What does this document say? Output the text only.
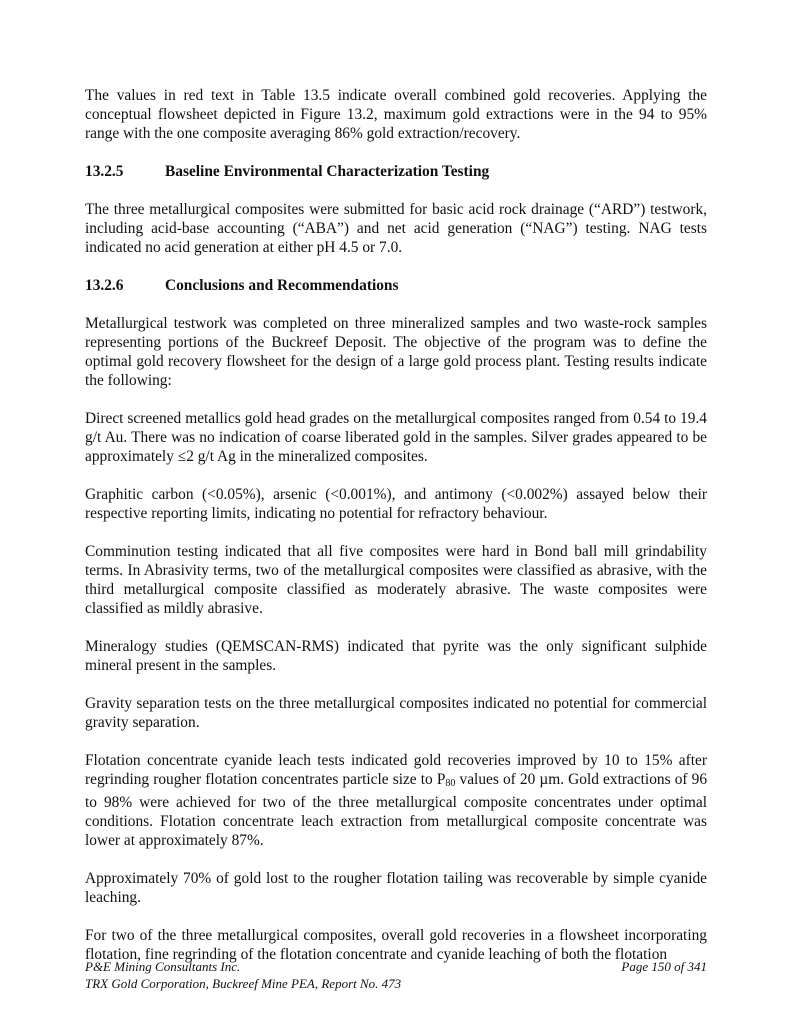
The values in red text in Table 13.5 indicate overall combined gold recoveries. Applying the conceptual flowsheet depicted in Figure 13.2, maximum gold extractions were in the 94 to 95% range with the one composite averaging 86% gold extraction/recovery.

13.2.5	Baseline Environmental Characterization Testing

The three metallurgical composites were submitted for basic acid rock drainage (“ARD”) testwork, including acid-base accounting (“ABA”) and net acid generation (“NAG”) testing. NAG tests indicated no acid generation at either pH 4.5 or 7.0.

13.2.6	Conclusions and Recommendations

Metallurgical testwork was completed on three mineralized samples and two waste-rock samples representing portions of the Buckreef Deposit. The objective of the program was to define the optimal gold recovery flowsheet for the design of a large gold process plant. Testing results indicate the following:

Direct screened metallics gold head grades on the metallurgical composites ranged from 0.54 to 19.4 g/t Au. There was no indication of coarse liberated gold in the samples. Silver grades appeared to be approximately ≤2 g/t Ag in the mineralized composites.

Graphitic carbon (<0.05%), arsenic (<0.001%), and antimony (<0.002%) assayed below their respective reporting limits, indicating no potential for refractory behaviour.

Comminution testing indicated that all five composites were hard in Bond ball mill grindability terms. In Abrasivity terms, two of the metallurgical composites were classified as abrasive, with the third metallurgical composite classified as moderately abrasive. The waste composites were classified as mildly abrasive.

Mineralogy studies (QEMSCAN-RMS) indicated that pyrite was the only significant sulphide mineral present in the samples.

Gravity separation tests on the three metallurgical composites indicated no potential for commercial gravity separation.

Flotation concentrate cyanide leach tests indicated gold recoveries improved by 10 to 15% after regrinding rougher flotation concentrates particle size to $P_{80}$ values of 20 µm. Gold extractions of 96 to 98% were achieved for two of the three metallurgical composite concentrates under optimal conditions. Flotation concentrate leach extraction from metallurgical composite concentrate was lower at approximately 87%.

Approximately 70% of gold lost to the rougher flotation tailing was recoverable by simple cyanide leaching.

For two of the three metallurgical composites, overall gold recoveries in a flowsheet incorporating flotation, fine regrinding of the flotation concentrate and cyanide leaching of both the flotation

P&E Mining Consultants Inc.
TRX Gold Corporation, Buckreef Mine PEA, Report No. 473
Page 150 of 341
